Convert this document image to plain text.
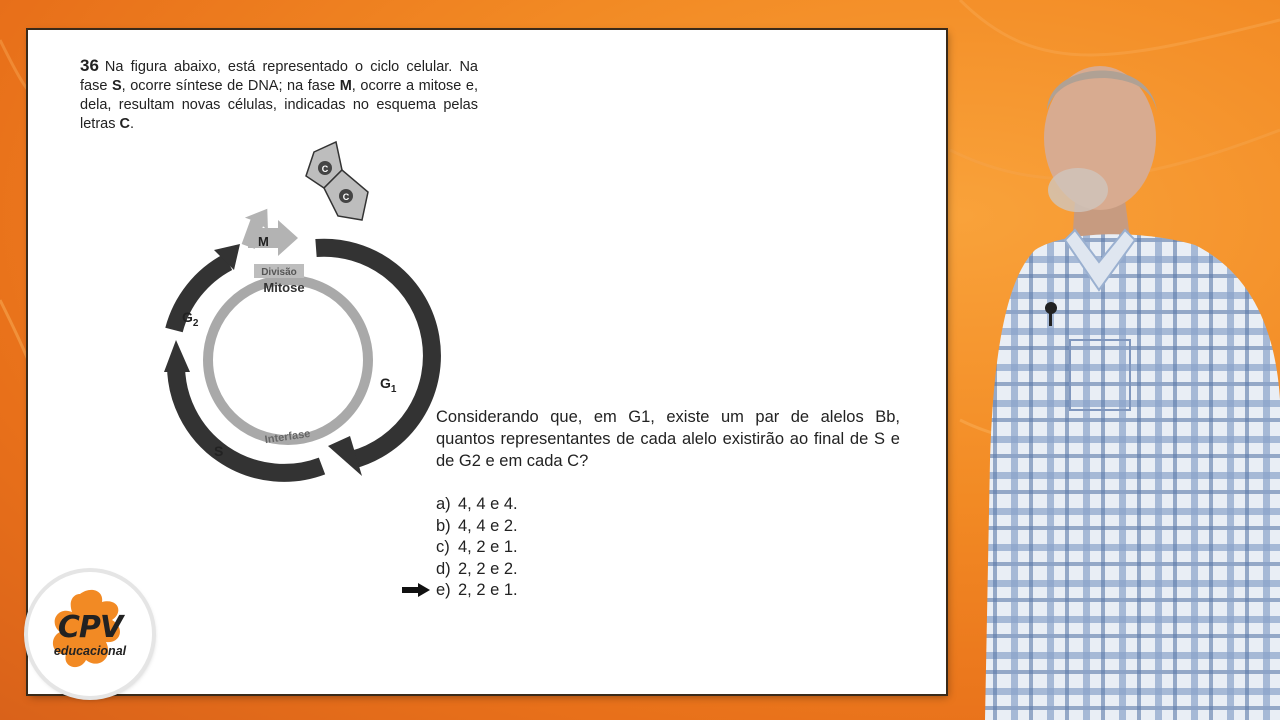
36 Na figura abaixo, está representado o ciclo celular. Na fase S, ocorre síntese de DNA; na fase M, ocorre a mitose e, dela, resultam novas células, indicadas no esquema pelas letras C.
Divisão
Mitose
Interfase
M
C
C
$G_1$
$G_2$
S
Considerando que, em G1, existe um par de alelos Bb, quantos representantes de cada alelo existirão ao final de S e de G2 e em cada C?
a) 4, 4 e 4.
b) 4, 4 e 2.
c) 4, 2 e 1.
d) 2, 2 e 2.
e) 2, 2 e 1.
CPV
educacional
